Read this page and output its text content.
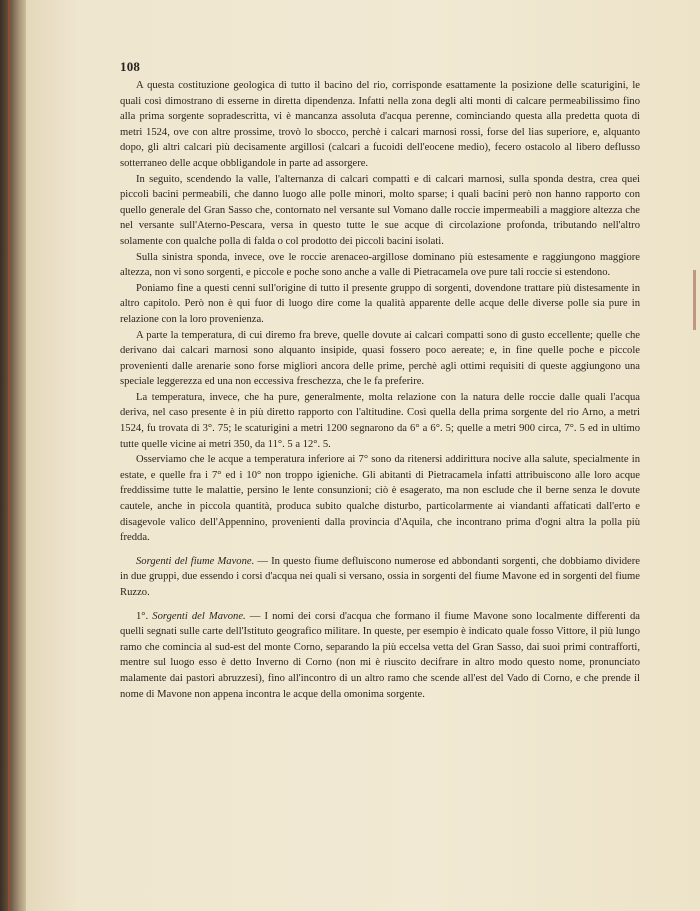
108

A questa costituzione geologica di tutto il bacino del rio, corrisponde esattamente la posizione delle scaturigini, le quali così dimostrano di esserne in diretta dipendenza. Infatti nella zona degli alti monti di calcare permeabilissimo fino alla prima sorgente sopradescritta, vi è mancanza assoluta d'acqua perenne, cominciando questa alla predetta quota di metri 1524, ove con altre prossime, trovò lo sbocco, perchè i calcari marnosi rossi, forse del lias superiore, e, alquanto dopo, gli altri calcari più decisamente argillosi (calcari a fucoidi dell'eocene medio), fecero ostacolo al libero deflusso sotterraneo delle acque obbligandole in parte ad assorgere.

In seguito, scendendo la valle, l'alternanza di calcari compatti e di calcari marnosi, sulla sponda destra, crea quei piccoli bacini permeabili, che danno luogo alle polle minori, molto sparse; i quali bacini però non hanno rapporto con quello generale del Gran Sasso che, contornato nel versante sul Vomano dalle roccie impermeabili a maggiore altezza che nel versante sull'Aterno-Pescara, versa in questo tutte le sue acque di circolazione profonda, tributando nell'altro solamente con qualche polla di falda o col prodotto dei piccoli bacini isolati.

Sulla sinistra sponda, invece, ove le roccie arenaceo-argillose dominano più estesamente e raggiungono maggiore altezza, non vi sono sorgenti, e piccole e poche sono anche a valle di Pietracamela ove pure tali roccie si estendono.

Poniamo fine a questi cenni sull'origine di tutto il presente gruppo di sorgenti, dovendone trattare più distesamente in altro capitolo. Però non è qui fuor di luogo dire come la qualità apparente delle acque delle diverse polle sia pure in relazione con la loro provenienza.

A parte la temperatura, di cui diremo fra breve, quelle dovute ai calcari compatti sono di gusto eccellente; quelle che derivano dai calcari marnosi sono alquanto insipide, quasi fossero poco aereate; e, in fine quelle poche e piccole provenienti dalle arenarie sono forse migliori ancora delle prime, perchè agli ottimi requisiti di queste aggiungono una speciale leggerezza ed una non eccessiva freschezza, che le fa preferire.

La temperatura, invece, che ha pure, generalmente, molta relazione con la natura delle roccie dalle quali l'acqua deriva, nel caso presente è in più diretto rapporto con l'altitudine. Così quella della prima sorgente del rio Arno, a metri 1524, fu trovata di 3°. 75; le scaturigini a metri 1200 segnarono da 6° a 6°. 5; quelle a metri 900 circa, 7°. 5 ed in ultimo tutte quelle vicine ai metri 350, da 11°. 5 a 12°. 5.

Osserviamo che le acque a temperatura inferiore ai 7° sono da ritenersi addirittura nocive alla salute, specialmente in estate, e quelle fra i 7° ed i 10° non troppo igieniche. Gli abitanti di Pietracamela infatti attribuiscono alle loro acque freddissime tutte le malattie, persino le lente consunzioni; ciò è esagerato, ma non esclude che il berne senza le dovute cautele, anche in piccola quantità, produca subito qualche disturbo, particolarmente ai viandanti affaticati dall'erto e disagevole valico dell'Appennino, provenienti dalla provincia d'Aquila, che incontrano prima d'ogni altra la polla più fredda.

Sorgenti del fiume Mavone. — In questo fiume defluiscono numerose ed abbondanti sorgenti, che dobbiamo dividere in due gruppi, due essendo i corsi d'acqua nei quali si versano, ossia in sorgenti del fiume Mavone ed in sorgenti del fiume Ruzzo.

1°. Sorgenti del Mavone. — I nomi dei corsi d'acqua che formano il fiume Mavone sono localmente differenti da quelli segnati sulle carte dell'Istituto geografico militare. In queste, per esempio è indicato quale fosso Vittore, il più lungo ramo che comincia al sud-est del monte Corno, separando la più eccelsa vetta del Gran Sasso, dai suoi primi contrafforti, mentre sul luogo esso è detto Inverno di Corno (non mi è riuscito decifrare in altro modo questo nome, pronunciato malamente dai pastori abruzzesi), fino all'incontro di un altro ramo che scende all'est del Vado di Corno, e che prende il nome di Mavone non appena incontra le acque della omonima sorgente.
